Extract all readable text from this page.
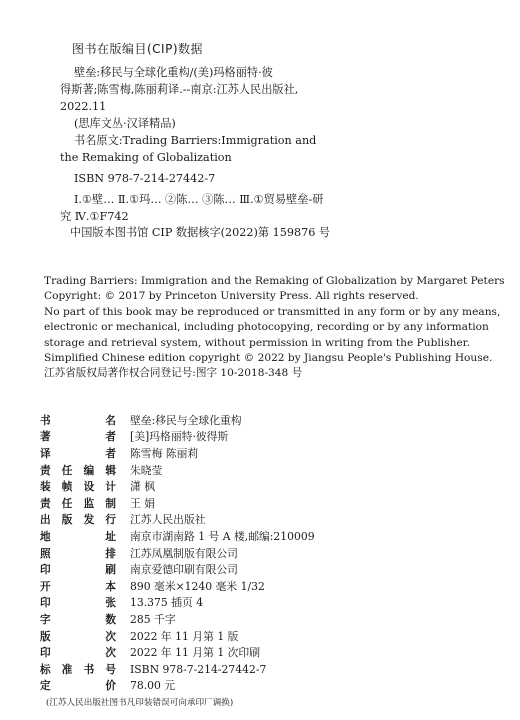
图书在版编目(CIP)数据
壁垒:移民与全球化重构/(美)玛格丽特·彼
得斯著;陈雪梅,陈丽莉译.--南京:江苏人民出版社,
2022.11
(思库文丛·汉译精品)
书名原文:Trading Barriers:Immigration and
the Remaking of Globalization
ISBN 978-7-214-27442-7
Ⅰ.①壁… Ⅱ.①玛… ②陈… ③陈… Ⅲ.①贸易壁垒-研
究 Ⅳ.①F742
中国版本图书馆 CIP 数据核字(2022)第 159876 号
Trading Barriers: Immigration and the Remaking of Globalization by Margaret Peters
Copyright: © 2017 by Princeton University Press. All rights reserved.
No part of this book may be reproduced or transmitted in any form or by any means,
electronic or mechanical, including photocopying, recording or by any information
storage and retrieval system, without permission in writing from the Publisher.
Simplified Chinese edition copyright © 2022 by Jiangsu People's Publishing House.
江苏省版权局著作权合同登记号:图字 10-2018-348 号
书	名 壁垒:移民与全球化重构
著	者 [美]玛格丽特·彼得斯
译	者 陈雪梅 陈丽莉
责 任 编 辑 朱晓莹
装 帧 设 计 潇 枫
责 任 监 制 王 娟
出 版 发 行 江苏人民出版社
地	址 南京市湖南路 1 号 A 楼,邮编:210009
照	排 江苏凤凰制版有限公司
印	刷 南京爱德印刷有限公司
开	本 890 毫米×1240 毫米 1/32
印	张 13.375 插页 4
字	数 285 千字
版	次 2022 年 11 月第 1 版
印	次 2022 年 11 月第 1 次印刷
标 准 书 号 ISBN 978-7-214-27442-7
定	价 78.00 元
(江苏人民出版社图书凡印装错误可向承印厂调换)
